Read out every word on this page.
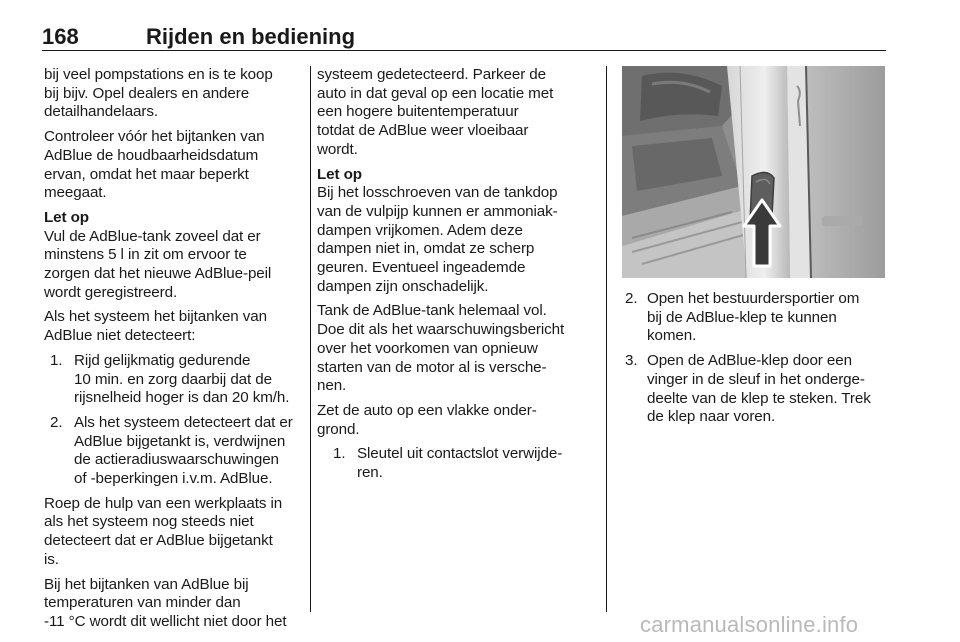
168	Rijden en bediening

bij veel pompstations en is te koop
bij bijv. Opel dealers en andere
detailhandelaars.

Controleer vóór het bijtanken van
AdBlue de houdbaarheidsdatum
ervan, omdat het maar beperkt
meegaat.

Let op

Vul de AdBlue-tank zoveel dat er
minstens 5 l in zit om ervoor te
zorgen dat het nieuwe AdBlue-peil
wordt geregistreerd.

Als het systeem het bijtanken van
AdBlue niet detecteert:

1. Rijd gelijkmatig gedurende
10 min. en zorg daarbij dat de
rijsnelheid hoger is dan 20 km/h.
2. Als het systeem detecteert dat er
AdBlue bijgetankt is, verdwijnen
de actieradiuswaarschuwingen
of -beperkingen i.v.m. AdBlue.

Roep de hulp van een werkplaats in
als het systeem nog steeds niet
detecteert dat er AdBlue bijgetankt
is.

Bij het bijtanken van AdBlue bij
temperaturen van minder dan
-11 °C wordt dit wellicht niet door het

systeem gedetecteerd. Parkeer de
auto in dat geval op een locatie met
een hogere buitentemperatuur
totdat de AdBlue weer vloeibaar
wordt.

Let op

Bij het losschroeven van de tankdop
van de vulpijp kunnen er ammoniak-
dampen vrijkomen. Adem deze
dampen niet in, omdat ze scherp
geuren. Eventueel ingeademde
dampen zijn onschadelijk.

Tank de AdBlue-tank helemaal vol.
Doe dit als het waarschuwingsbericht
over het voorkomen van opnieuw
starten van de motor al is versche-
nen.

Zet de auto op een vlakke onder-
grond.

1. Sleutel uit contactslot verwijde-
ren.
2. Open het bestuurdersportier om
bij de AdBlue-klep te kunnen
komen.
3. Open de AdBlue-klep door een
vinger in de sleuf in het onderge-
deelte van de klep te steken. Trek
de klep naar voren.
carmanualsonline.info
